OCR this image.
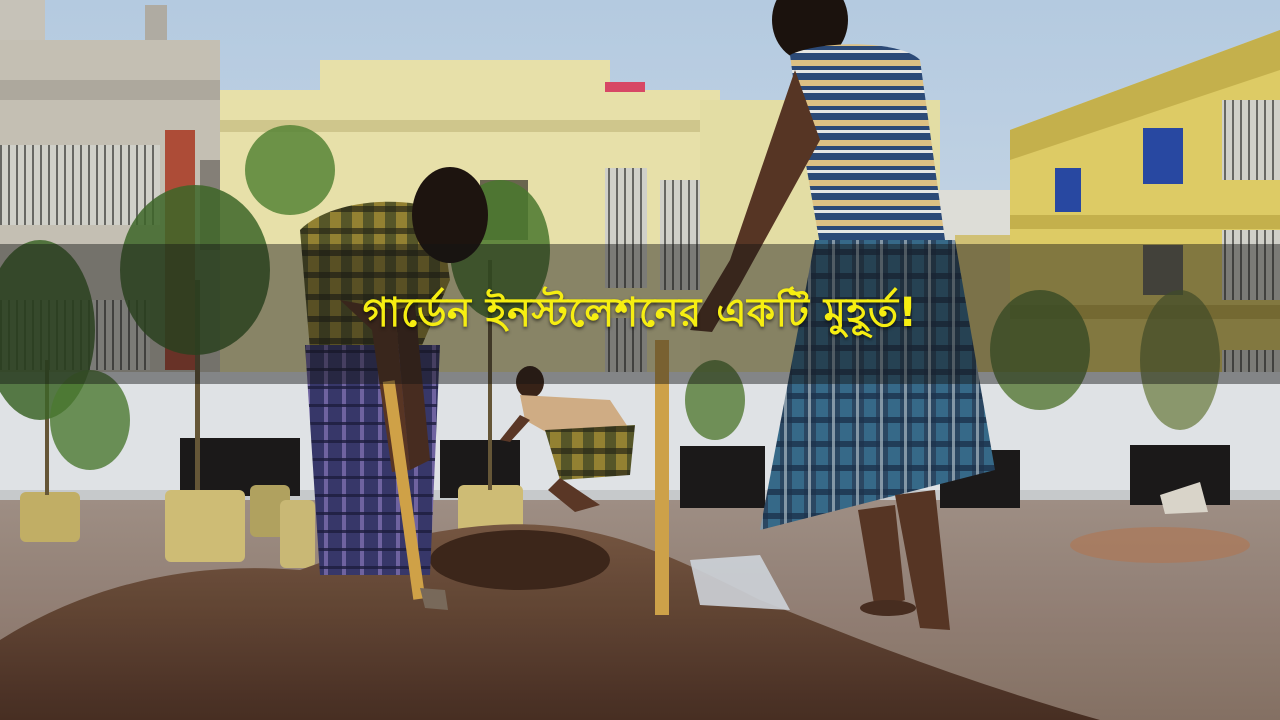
গার্ডেন ইনস্টলেশনের একটি মুহূর্ত!
